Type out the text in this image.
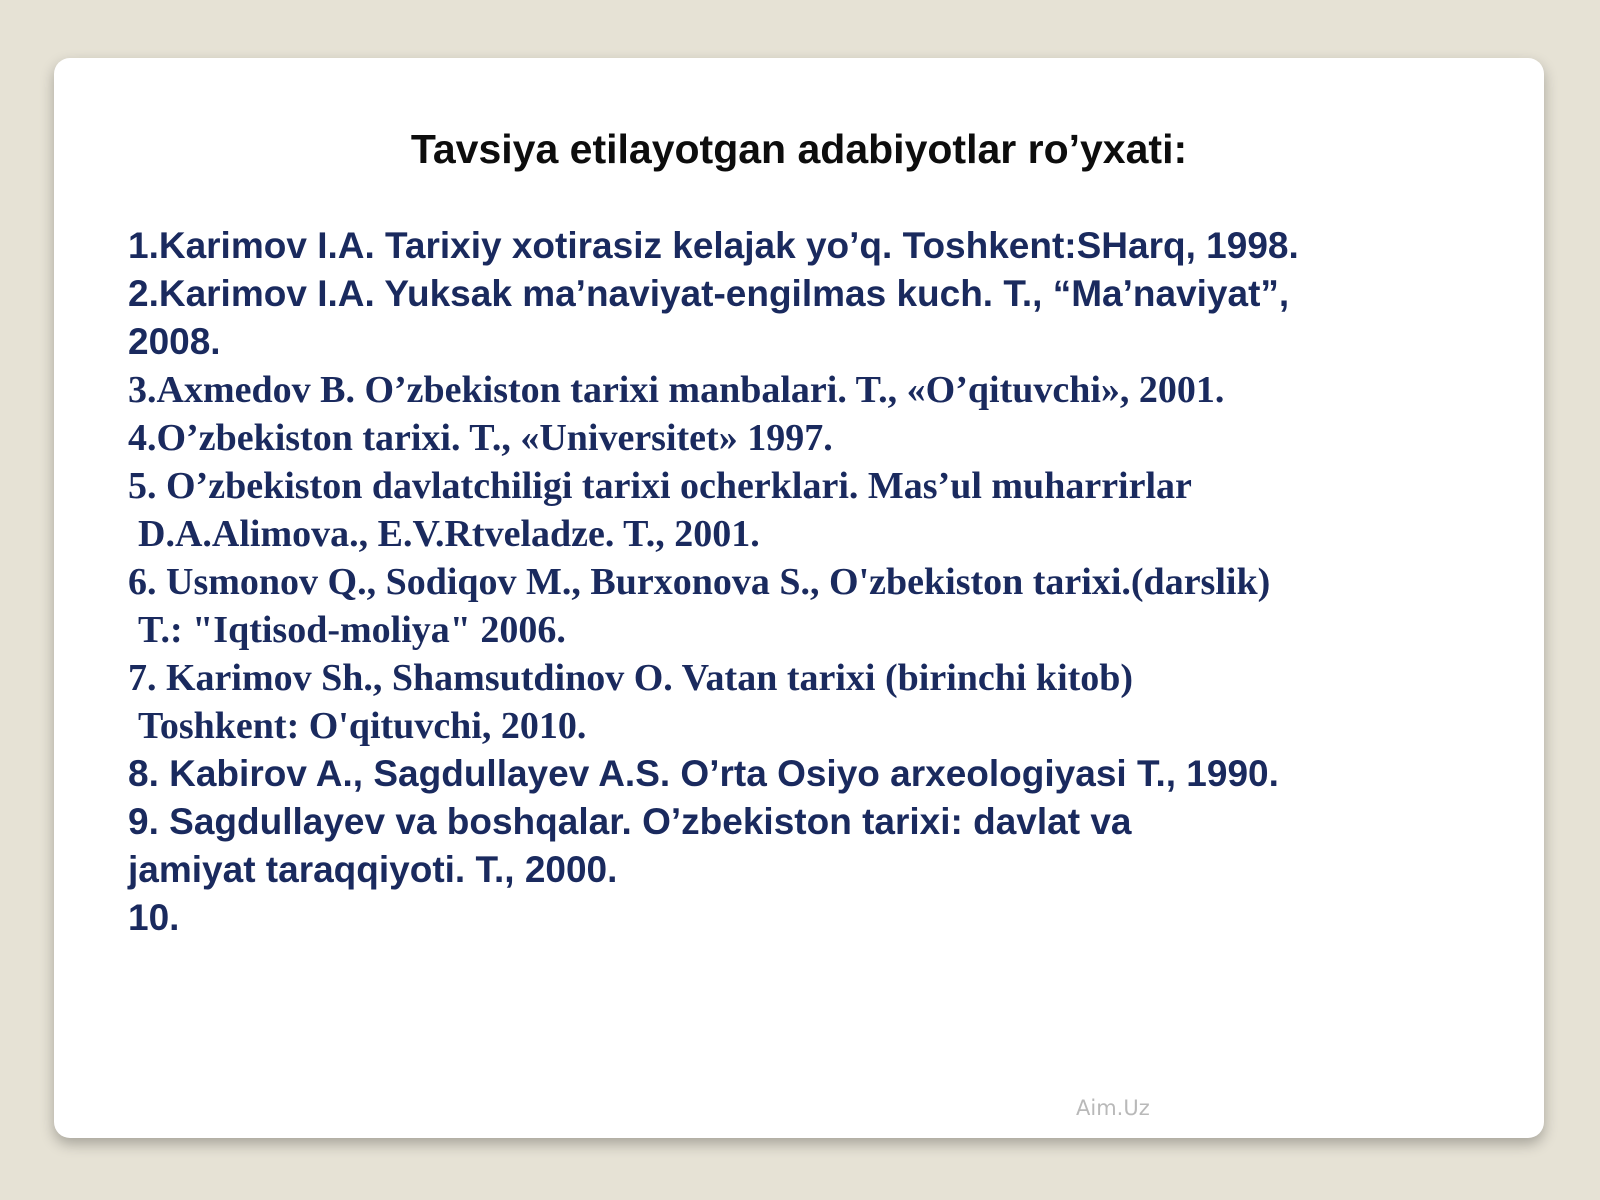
Tavsiya etilayotgan adabiyotlar ro’yxati:
1.Karimov I.A. Tarixiy xotirasiz kelajak yo’q. Toshkent:SHarq, 1998.
2.Karimov I.A. Yuksak ma’naviyat-engilmas kuch. T., “Ma’naviyat”,
2008.
3.Axmedov B. O’zbekiston tarixi manbalari. T., «O’qituvchi», 2001.
4.O’zbekiston tarixi. T., «Universitet» 1997.
5. O’zbekiston davlatchiligi tarixi ocherklari. Mas’ul muharrirlar
D.A.Alimova., E.V.Rtveladze. T., 2001.
6. Usmonov Q., Sodiqov M., Burxonova S., O'zbekiston tarixi.(darslik)
T.: "Iqtisod-moliya" 2006.
7. Karimov Sh., Shamsutdinov O. Vatan tarixi (birinchi kitob)
Toshkent: O'qituvchi, 2010.
8. Kabirov A., Sagdullayev A.S. O’rta Osiyo arxeologiyasi T., 1990.
9. Sagdullayev va boshqalar. O’zbekiston tarixi: davlat va
jamiyat taraqqiyoti. T., 2000.
10.
Aim.Uz
